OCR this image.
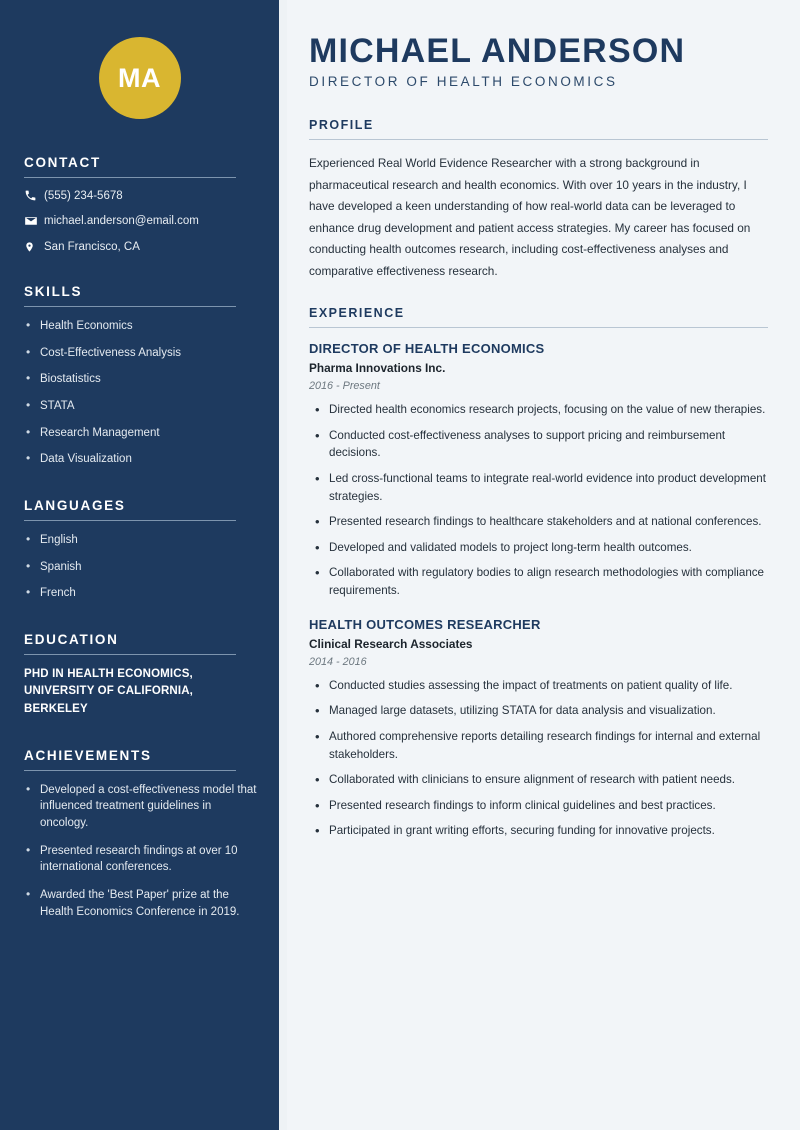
MA
CONTACT
(555) 234-5678
michael.anderson@email.com
San Francisco, CA
SKILLS
• Health Economics
• Cost-Effectiveness Analysis
• Biostatistics
• STATA
• Research Management
• Data Visualization
LANGUAGES
• English
• Spanish
• French
EDUCATION
PHD IN HEALTH ECONOMICS, UNIVERSITY OF CALIFORNIA, BERKELEY
ACHIEVEMENTS
• Developed a cost-effectiveness model that influenced treatment guidelines in oncology.
• Presented research findings at over 10 international conferences.
• Awarded the 'Best Paper' prize at the Health Economics Conference in 2019.
MICHAEL ANDERSON
DIRECTOR OF HEALTH ECONOMICS
PROFILE

Experienced Real World Evidence Researcher with a strong background in pharmaceutical research and health economics. With over 10 years in the industry, I have developed a keen understanding of how real-world data can be leveraged to enhance drug development and patient access strategies. My career has focused on conducting health outcomes research, including cost-effectiveness analyses and comparative effectiveness research.

EXPERIENCE
DIRECTOR OF HEALTH ECONOMICS
Pharma Innovations Inc.
2016 - Present
• Directed health economics research projects, focusing on the value of new therapies.
• Conducted cost-effectiveness analyses to support pricing and reimbursement decisions.
• Led cross-functional teams to integrate real-world evidence into product development strategies.
• Presented research findings to healthcare stakeholders and at national conferences.
• Developed and validated models to project long-term health outcomes.
• Collaborated with regulatory bodies to align research methodologies with compliance requirements.
HEALTH OUTCOMES RESEARCHER
Clinical Research Associates
2014 - 2016
• Conducted studies assessing the impact of treatments on patient quality of life.
• Managed large datasets, utilizing STATA for data analysis and visualization.
• Authored comprehensive reports detailing research findings for internal and external stakeholders.
• Collaborated with clinicians to ensure alignment of research with patient needs.
• Presented research findings to inform clinical guidelines and best practices.
• Participated in grant writing efforts, securing funding for innovative projects.
